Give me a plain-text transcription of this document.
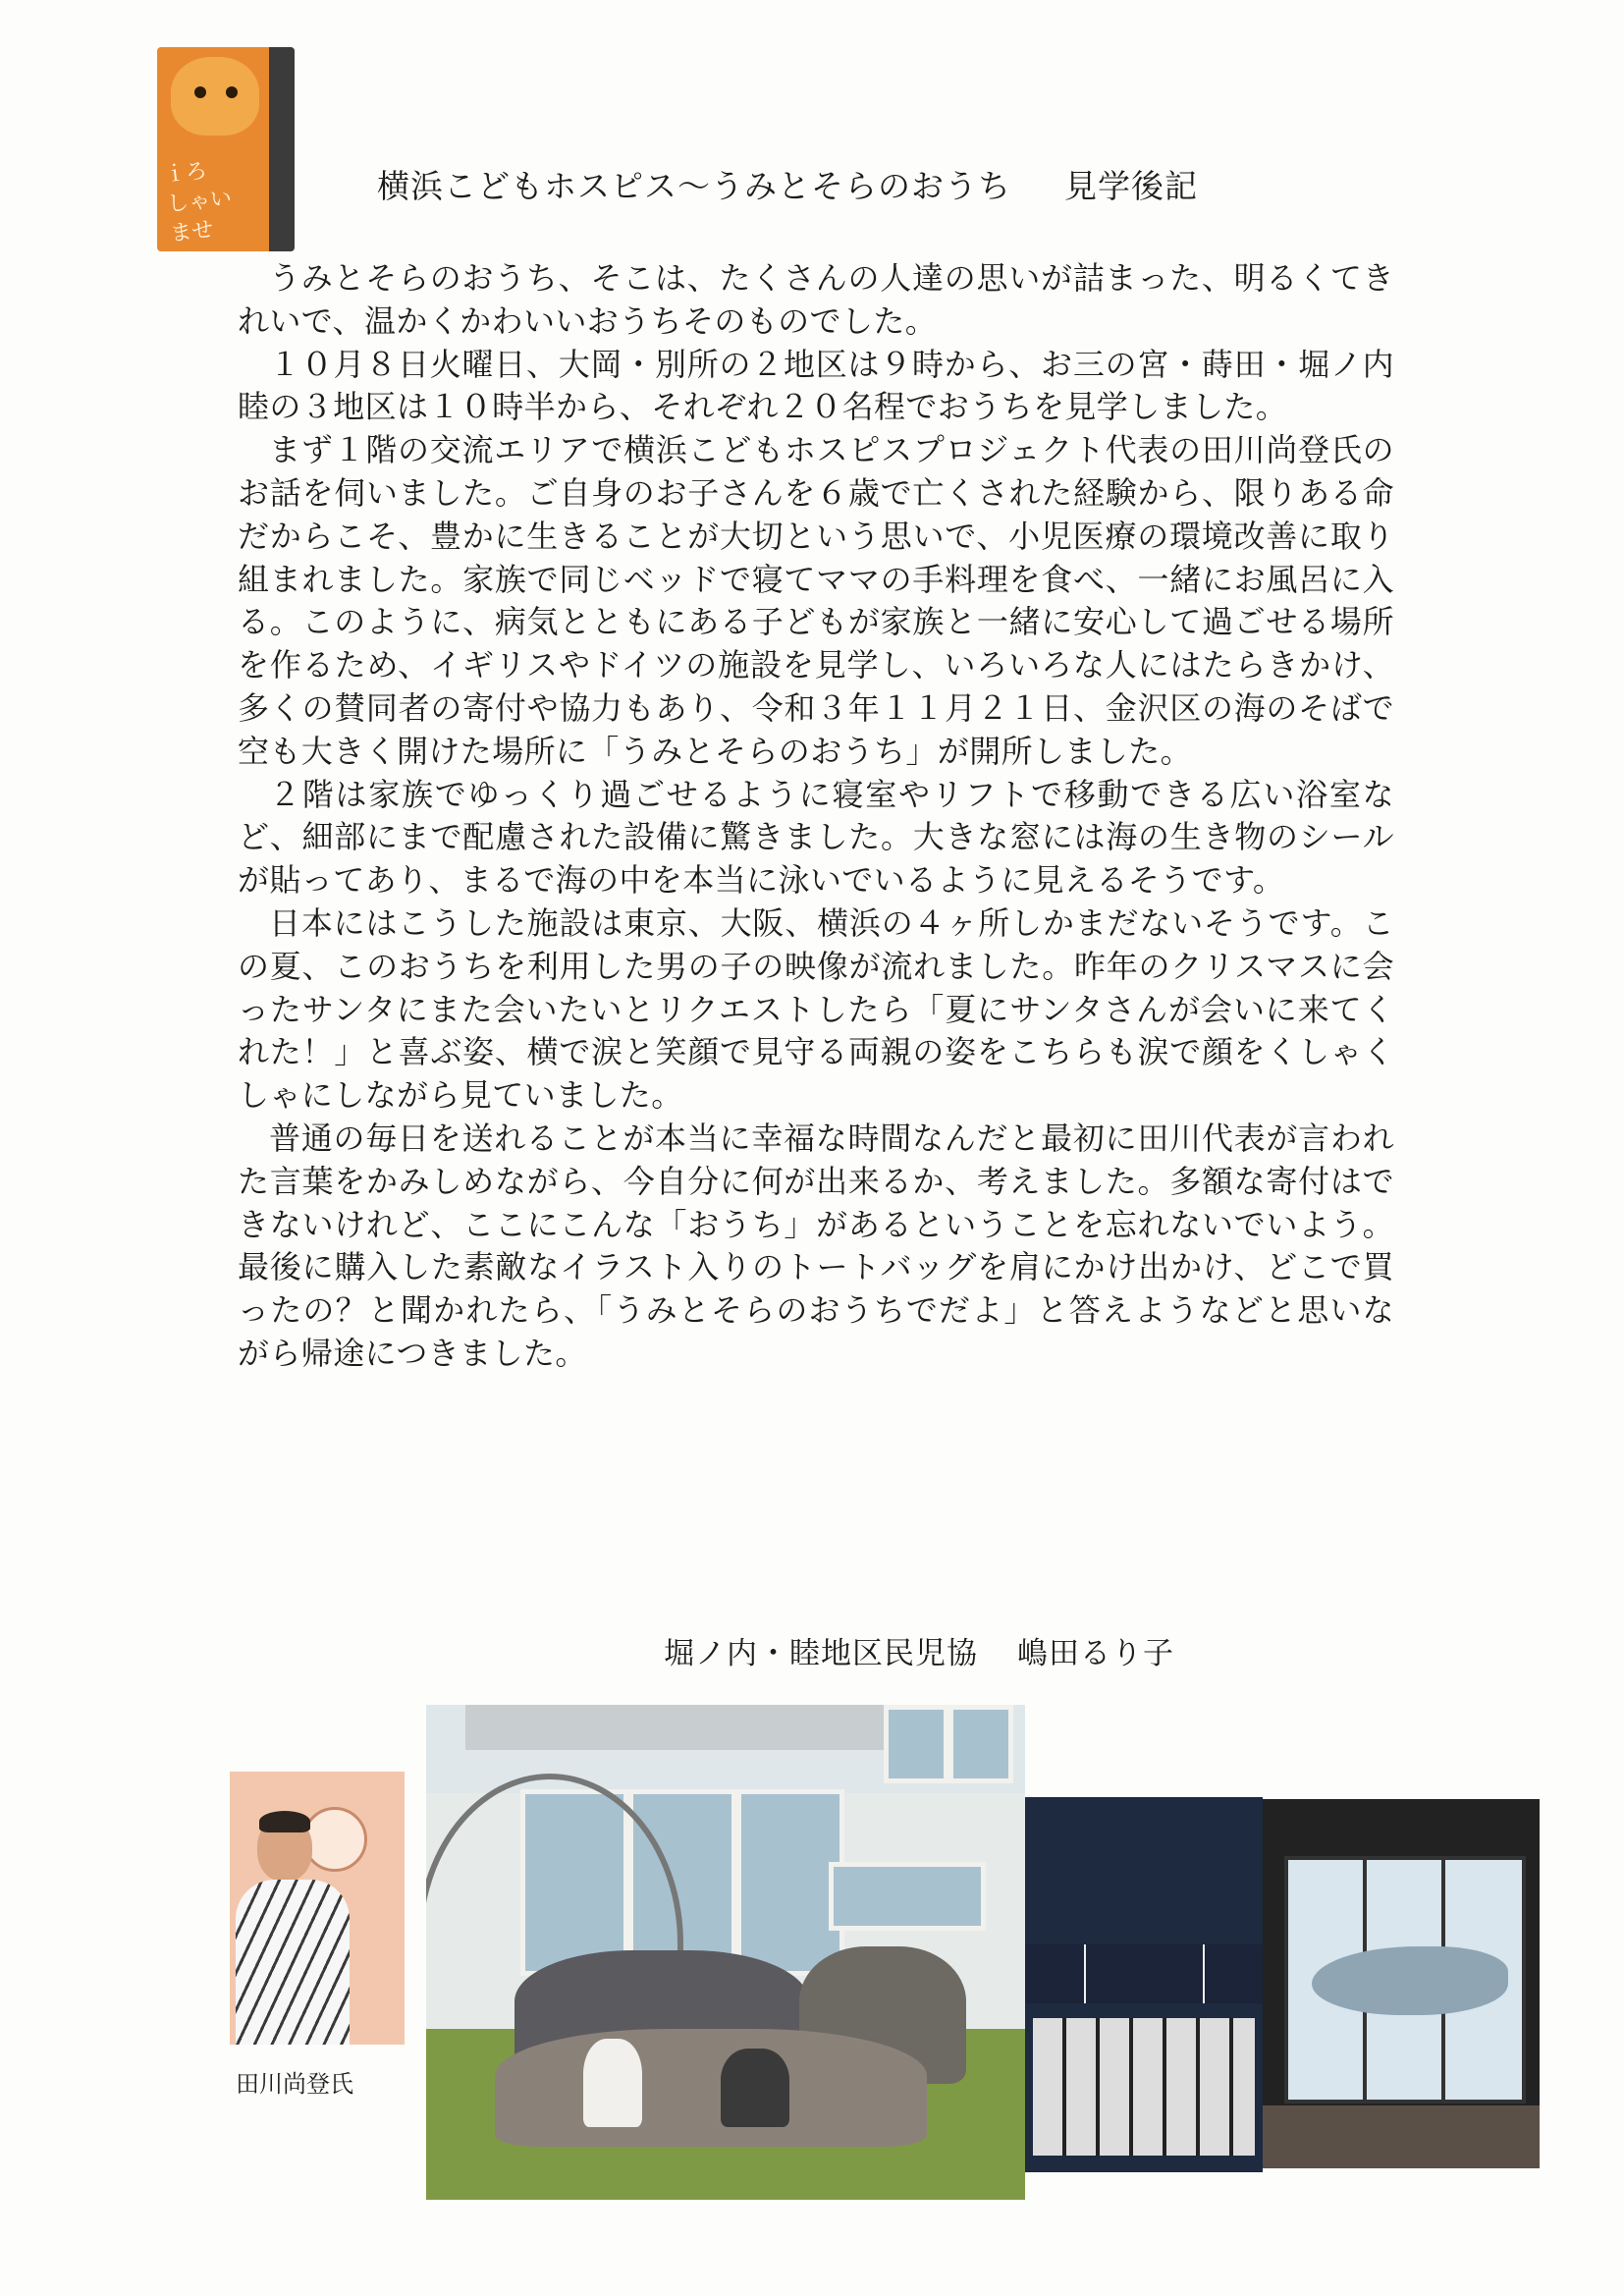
ｉろ
しゃい
ませ
横浜こどもホスピス〜うみとそらのおうち 見学後記

うみとそらのおうち、そこは、たくさんの人達の思いが詰まった、明るくてきれいで、温かくかわいいおうちそのものでした。

１０月８日火曜日、大岡・別所の２地区は９時から、お三の宮・蒔田・堀ノ内睦の３地区は１０時半から、それぞれ２０名程でおうちを見学しました。

まず１階の交流エリアで横浜こどもホスピスプロジェクト代表の田川尚登氏のお話を伺いました。ご自身のお子さんを６歳で亡くされた経験から、限りある命だからこそ、豊かに生きることが大切という思いで、小児医療の環境改善に取り組まれました。家族で同じベッドで寝てママの手料理を食べ、一緒にお風呂に入る。このように、病気とともにある子どもが家族と一緒に安心して過ごせる場所を作るため、イギリスやドイツの施設を見学し、いろいろな人にはたらきかけ、多くの賛同者の寄付や協力もあり、令和３年１１月２１日、金沢区の海のそばで空も大きく開けた場所に「うみとそらのおうち」が開所しました。

２階は家族でゆっくり過ごせるように寝室やリフトで移動できる広い浴室など、細部にまで配慮された設備に驚きました。大きな窓には海の生き物のシールが貼ってあり、まるで海の中を本当に泳いでいるように見えるそうです。

日本にはこうした施設は東京、大阪、横浜の４ヶ所しかまだないそうです。この夏、このおうちを利用した男の子の映像が流れました。昨年のクリスマスに会ったサンタにまた会いたいとリクエストしたら「夏にサンタさんが会いに来てくれた！」と喜ぶ姿、横で涙と笑顔で見守る両親の姿をこちらも涙で顔をくしゃくしゃにしながら見ていました。

普通の毎日を送れることが本当に幸福な時間なんだと最初に田川代表が言われた言葉をかみしめながら、今自分に何が出来るか、考えました。多額な寄付はできないけれど、ここにこんな「おうち」があるということを忘れないでいよう。最後に購入した素敵なイラスト入りのトートバッグを肩にかけ出かけ、どこで買ったの？と聞かれたら、「うみとそらのおうちでだよ」と答えようなどと思いながら帰途につきました。

堀ノ内・睦地区民児協 嶋田るり子
田川尚登氏
